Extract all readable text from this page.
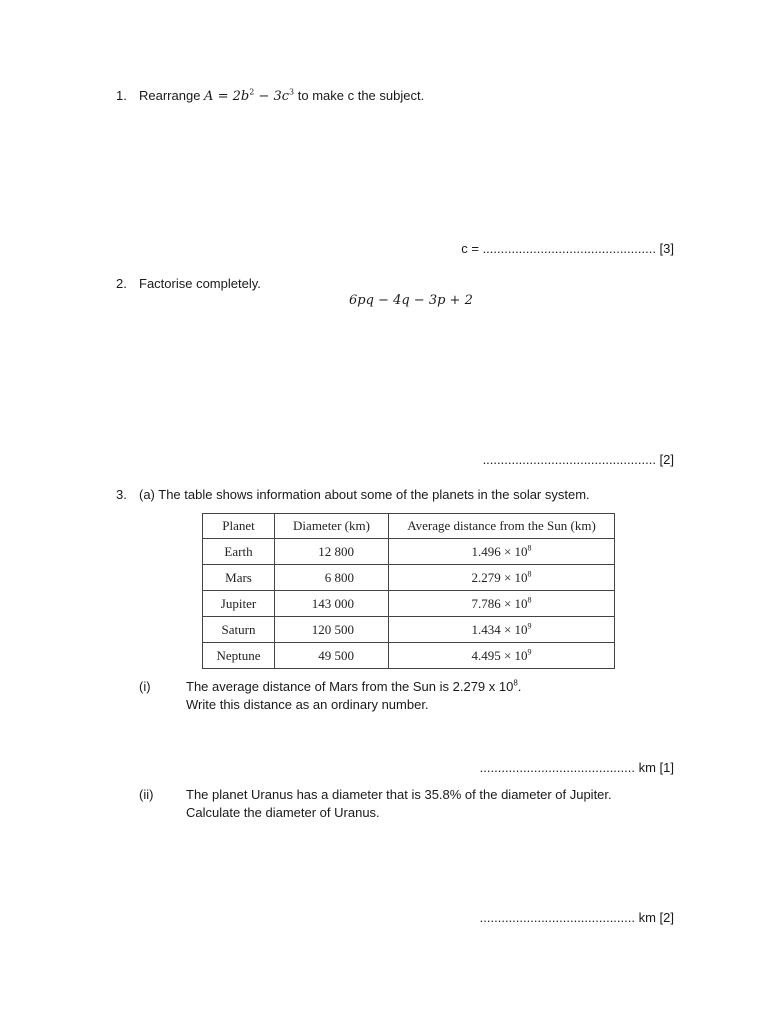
1. Rearrange $A = 2b^2 - 3c^3$ to make c the subject.
c = ................................................ [3]
2. Factorise completely.
6pq − 4q − 3p + 2
................................................ [2]
3. (a) The table shows information about some of the planets in the solar system.
Planet	Diameter (km)	Average distance from the Sun (km)
Earth	12 800	$1.496 \times 10^8$
Mars	6 800	$2.279 \times 10^8$
Jupiter	143 000	$7.786 \times 10^8$
Saturn	120 500	$1.434 \times 10^9$
Neptune	49 500	$4.495 \times 10^9$
(i)	The average distance of Mars from the Sun is 2.279 x $10^8$.
Write this distance as an ordinary number.
........................................... km [1]
(ii)	The planet Uranus has a diameter that is 35.8% of the diameter of Jupiter.
Calculate the diameter of Uranus.
........................................... km [2]
